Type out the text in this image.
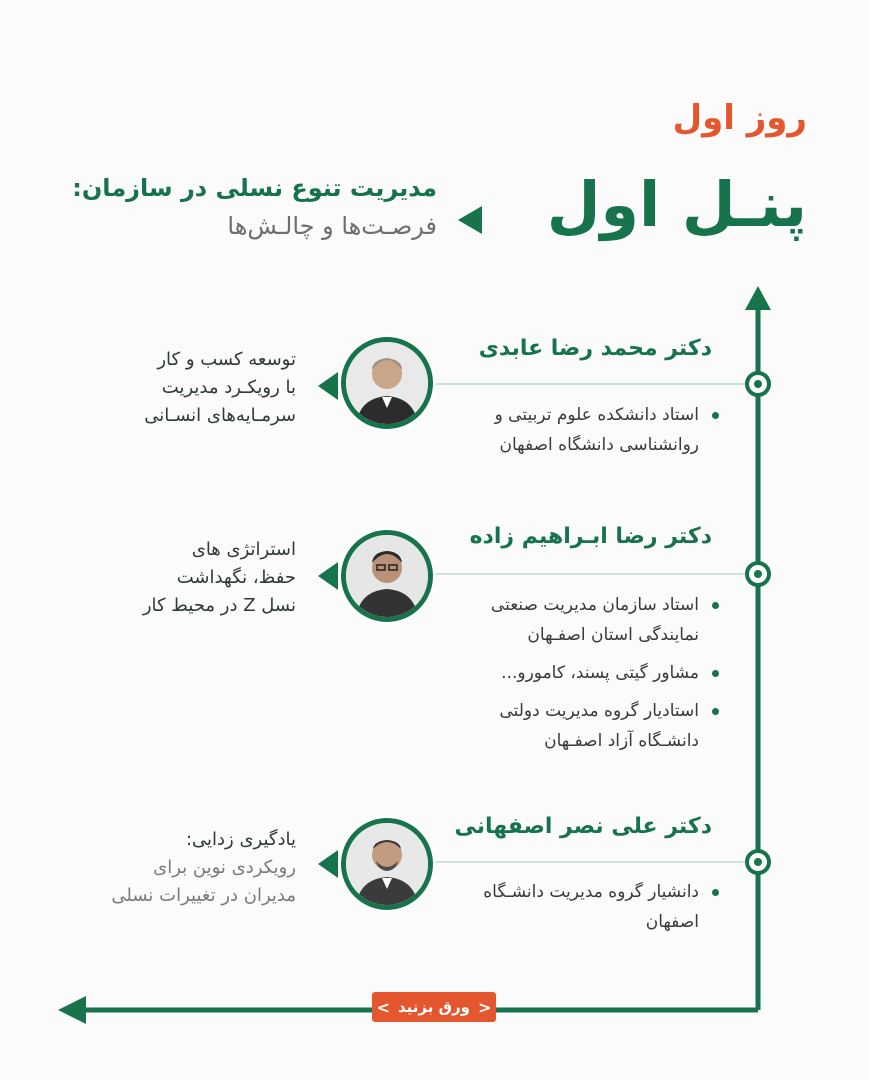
روز اول
پنـل اول
مدیریت تنوع نسلی در سازمان:
فرصـت‌ها و چالـش‌ها
دکتر محمد رضا عابدی
استاد دانشکده علوم تربیتی و روانشناسی دانشگاه اصفهان
توسعه کسب و کار
با رویکـرد مدیریت
سرمـایه‌های انسـانی
دکتر رضا ابـراهیم زاده
استاد سازمان مدیریت صنعتی نمایندگی استان اصفـهان
مشاور گیتی پسند، کامورو...
استادیار گروه مدیریت دولتی دانشـگاه آزاد اصفـهان
استراتژی های
حفظ، نگهداشت
نسل Z در محیط کار
دکتر علی نصر اصفهانی
دانشیار گروه مدیریت دانشـگاه اصفهان
یادگیری زدایی:
رویکردی نوین برای
مدیران در تغییرات نسلی
< ورق بزنید >
